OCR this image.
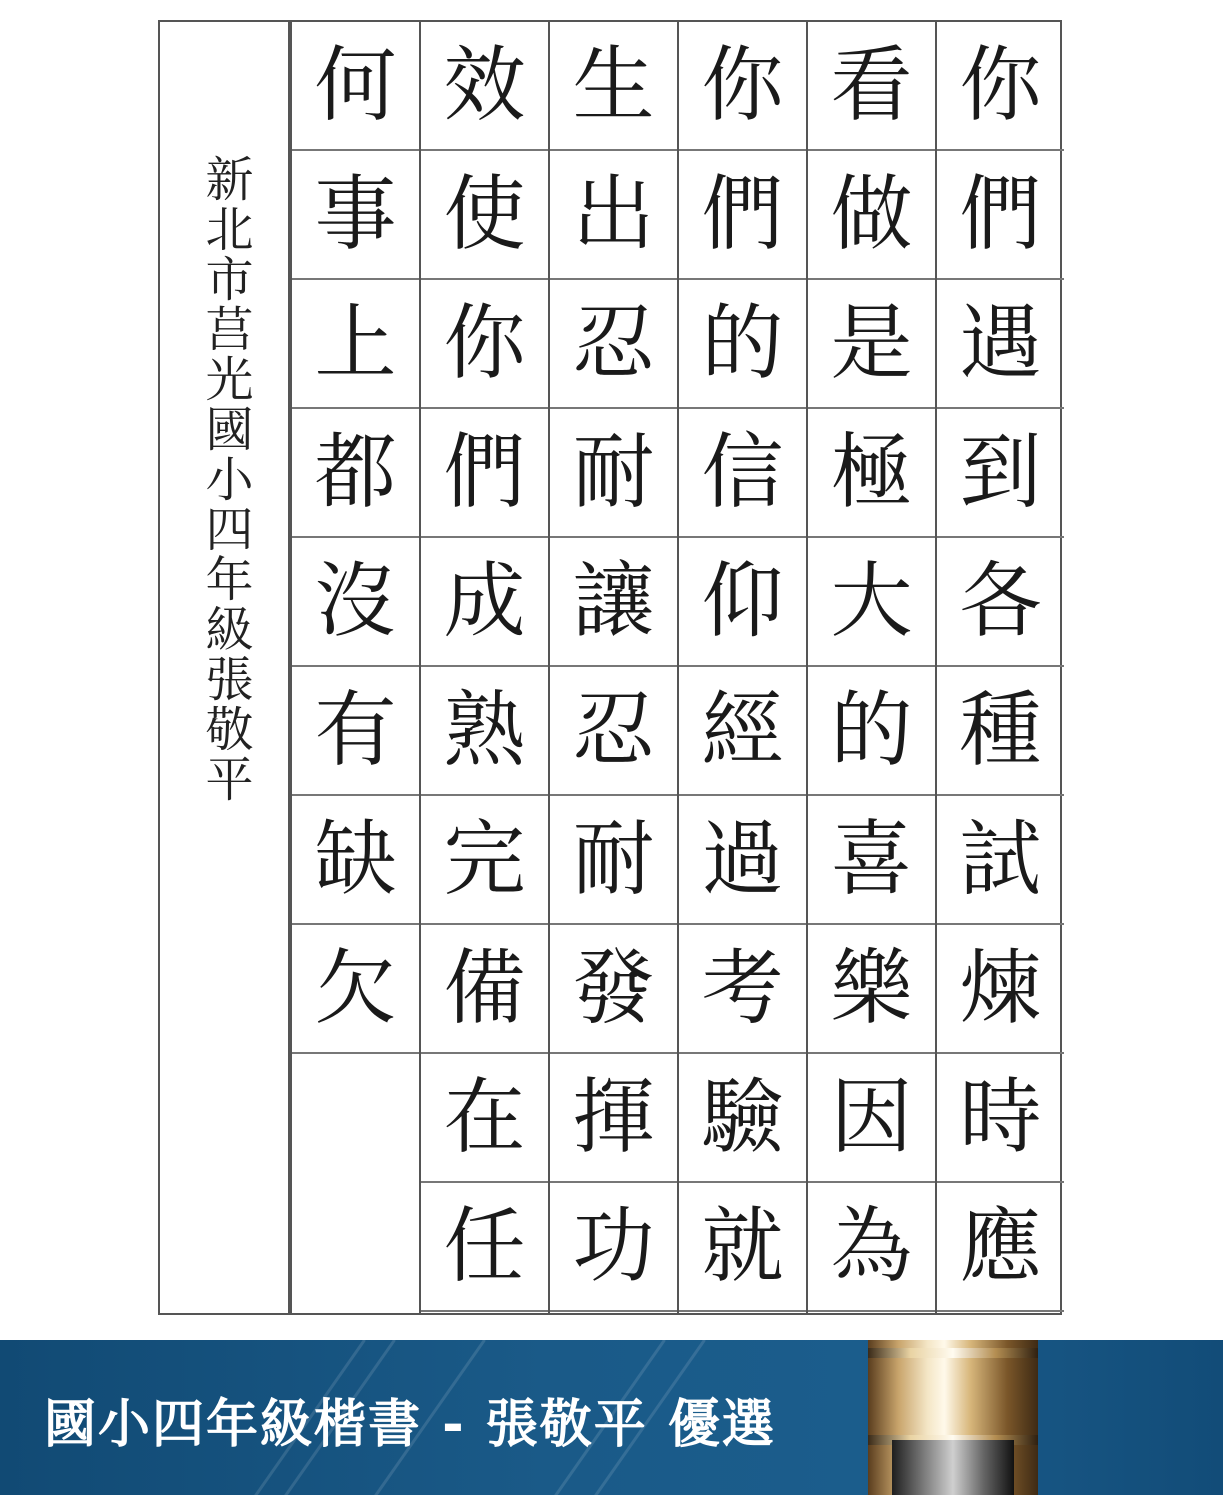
新北市莒光國小四年級張敬平
你
們
遇
到
各
種
試
煉
時
應
看
做
是
極
大
的
喜
樂
因
為
你
們
的
信
仰
經
過
考
驗
就
生
出
忍
耐
讓
忍
耐
發
揮
功
效
使
你
們
成
熟
完
備
在
任
何
事
上
都
沒
有
缺
欠
國小四年級楷書 - 張敬平 優選
